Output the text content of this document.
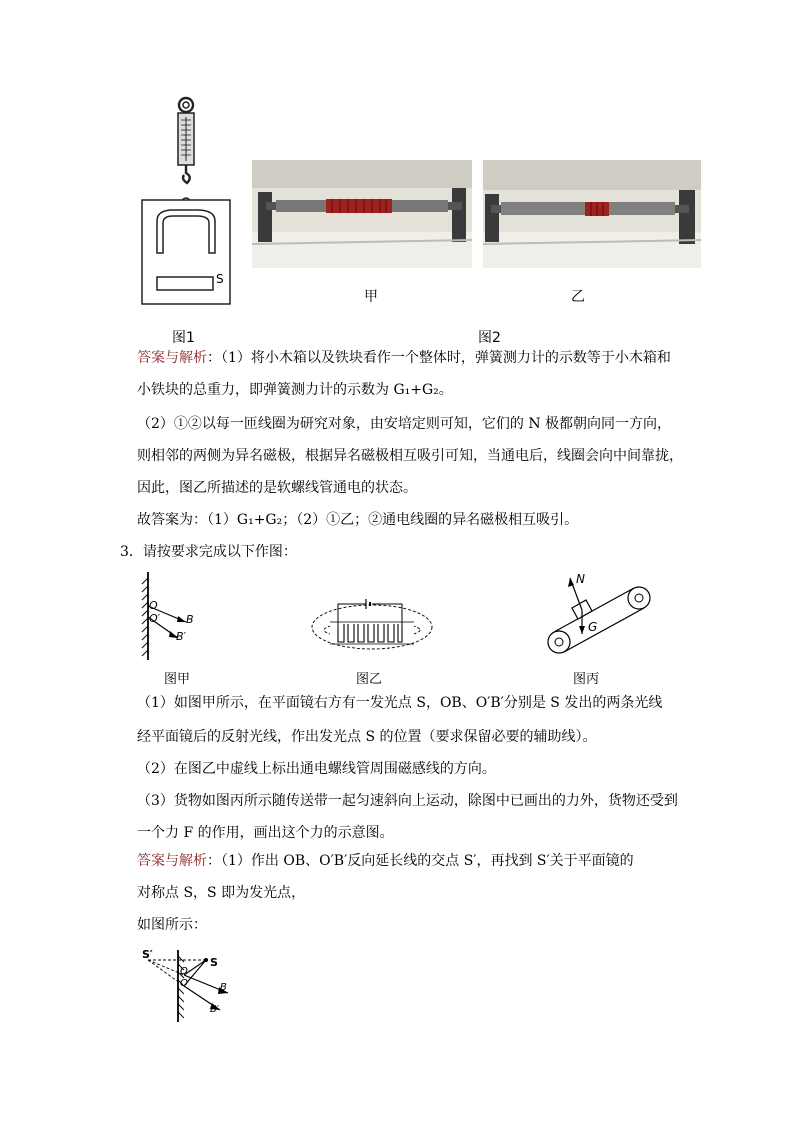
S
甲	乙
图1	图2
答案与解析：（1）将小木箱以及铁块看作一个整体时，弹簧测力计的示数等于小木箱和
小铁块的总重力，即弹簧测力计的示数为 G₁+G₂。
（2）①②以每一匝线圈为研究对象，由安培定则可知，它们的 N 极都朝向同一方向，
则相邻的两侧为异名磁极，根据异名磁极相互吸引可知，当通电后，线圈会向中间靠拢，
因此，图乙所描述的是软螺线管通电的状态。
故答案为：（1）G₁+G₂；（2）①乙；②通电线圈的异名磁极相互吸引。
3．请按要求完成以下作图：
O
O′ B
B′
N
G
图甲	图乙	图丙
（1）如图甲所示，在平面镜右方有一发光点 S，OB、O′B′分别是 S 发出的两条光线
经平面镜后的反射光线，作出发光点 S 的位置（要求保留必要的辅助线）。
（2）在图乙中虚线上标出通电螺线管周围磁感线的方向。
（3）货物如图丙所示随传送带一起匀速斜向上运动，除图中已画出的力外，货物还受到
一个力 F 的作用，画出这个力的示意图。
答案与解析：（1）作出 OB、O′B′反向延长线的交点 S′，再找到 S′关于平面镜的
对称点 S，S 即为发光点，
如图所示：
S′
S
O
O′	B
B′
